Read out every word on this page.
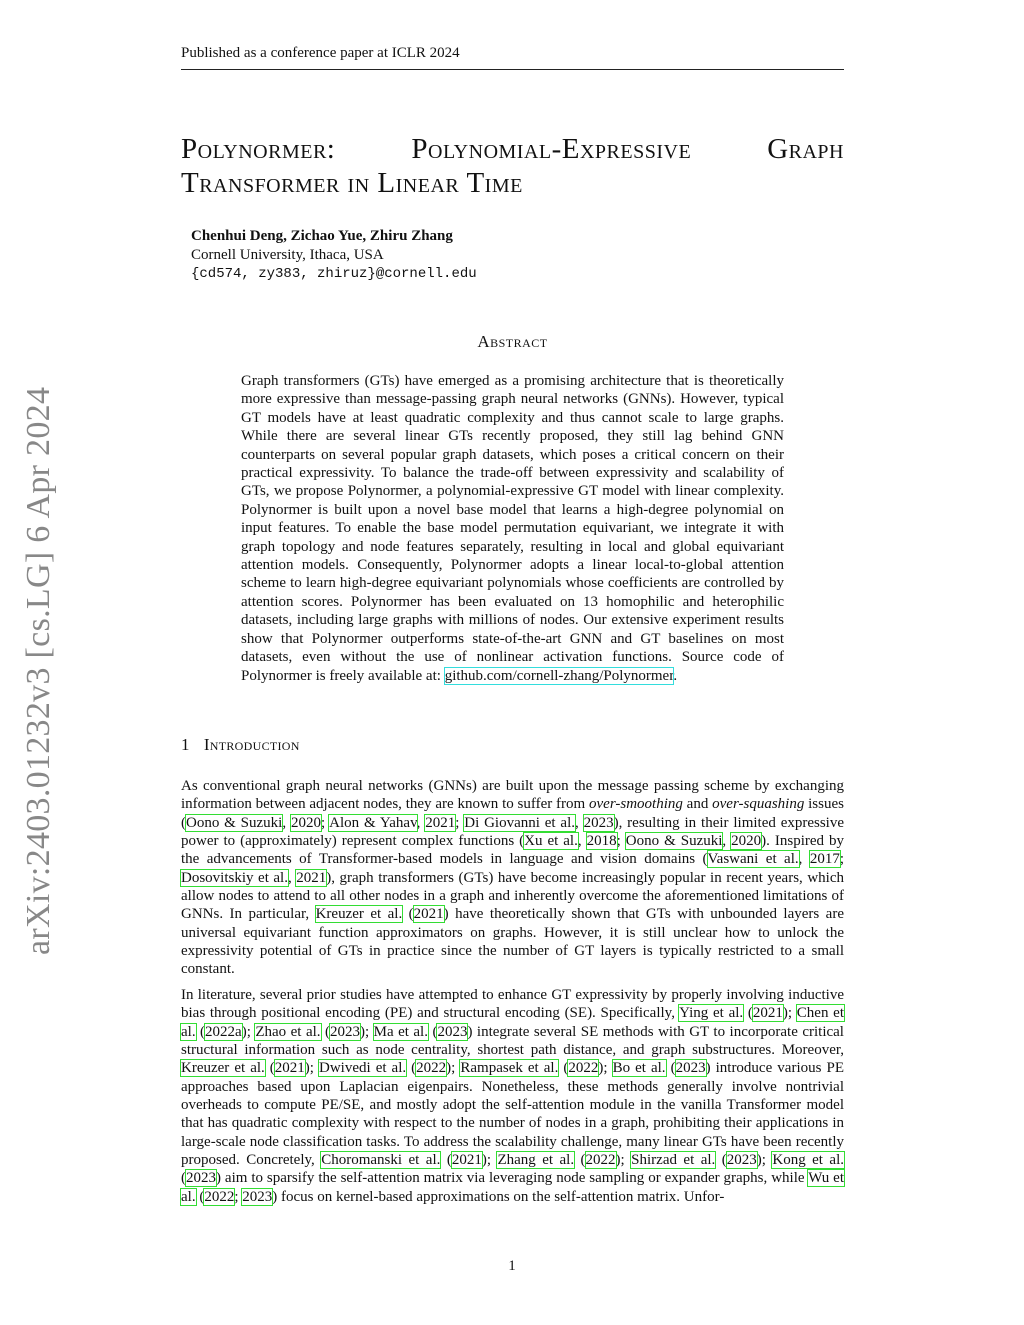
Published as a conference paper at ICLR 2024
arXiv:2403.01232v3 [cs.LG] 6 Apr 2024
Polynormer:	Polynomial-Expressive	Graph
Transformer in Linear Time
Chenhui Deng, Zichao Yue, Zhiru Zhang
Cornell University, Ithaca, USA
{cd574, zy383, zhiruz}@cornell.edu
Abstract
Graph transformers (GTs) have emerged as a promising architecture that is theoretically more expressive than message-passing graph neural networks (GNNs). However, typical GT models have at least quadratic complexity and thus cannot scale to large graphs. While there are several linear GTs recently proposed, they still lag behind GNN counterparts on several popular graph datasets, which poses a critical concern on their practical expressivity. To balance the trade-off between expressivity and scalability of GTs, we propose Polynormer, a polynomial-expressive GT model with linear complexity. Polynormer is built upon a novel base model that learns a high-degree polynomial on input features. To enable the base model permutation equivariant, we integrate it with graph topology and node features separately, resulting in local and global equivariant attention models. Consequently, Polynormer adopts a linear local-to-global attention scheme to learn high-degree equivariant polynomials whose coefficients are controlled by attention scores. Polynormer has been evaluated on 13 homophilic and heterophilic datasets, including large graphs with millions of nodes. Our extensive experiment results show that Polynormer outperforms state-of-the-art GNN and GT baselines on most datasets, even without the use of nonlinear activation functions. Source code of Polynormer is freely available at: github.com/cornell-zhang/Polynormer.
1 Introduction

As conventional graph neural networks (GNNs) are built upon the message passing scheme by exchanging information between adjacent nodes, they are known to suffer from over-smoothing and over-squashing issues (Oono & Suzuki, 2020; Alon & Yahav, 2021; Di Giovanni et al., 2023), resulting in their limited expressive power to (approximately) represent complex functions (Xu et al., 2018; Oono & Suzuki, 2020). Inspired by the advancements of Transformer-based models in language and vision domains (Vaswani et al., 2017; Dosovitskiy et al., 2021), graph transformers (GTs) have become increasingly popular in recent years, which allow nodes to attend to all other nodes in a graph and inherently overcome the aforementioned limitations of GNNs. In particular, Kreuzer et al. (2021) have theoretically shown that GTs with unbounded layers are universal equivariant function approximators on graphs. However, it is still unclear how to unlock the expressivity potential of GTs in practice since the number of GT layers is typically restricted to a small constant.

In literature, several prior studies have attempted to enhance GT expressivity by properly involving inductive bias through positional encoding (PE) and structural encoding (SE). Specifically, Ying et al. (2021); Chen et al. (2022a); Zhao et al. (2023); Ma et al. (2023) integrate several SE methods with GT to incorporate critical structural information such as node centrality, shortest path distance, and graph substructures. Moreover, Kreuzer et al. (2021); Dwivedi et al. (2022); Rampasek et al. (2022); Bo et al. (2023) introduce various PE approaches based upon Laplacian eigenpairs. Nonetheless, these methods generally involve nontrivial overheads to compute PE/SE, and mostly adopt the self-attention module in the vanilla Transformer model that has quadratic complexity with respect to the number of nodes in a graph, prohibiting their applications in large-scale node classification tasks. To address the scalability challenge, many linear GTs have been recently proposed. Concretely, Choromanski et al. (2021); Zhang et al. (2022); Shirzad et al. (2023); Kong et al. (2023) aim to sparsify the self-attention matrix via leveraging node sampling or expander graphs, while Wu et al. (2022; 2023) focus on kernel-based approximations on the self-attention matrix. Unfor-

1
